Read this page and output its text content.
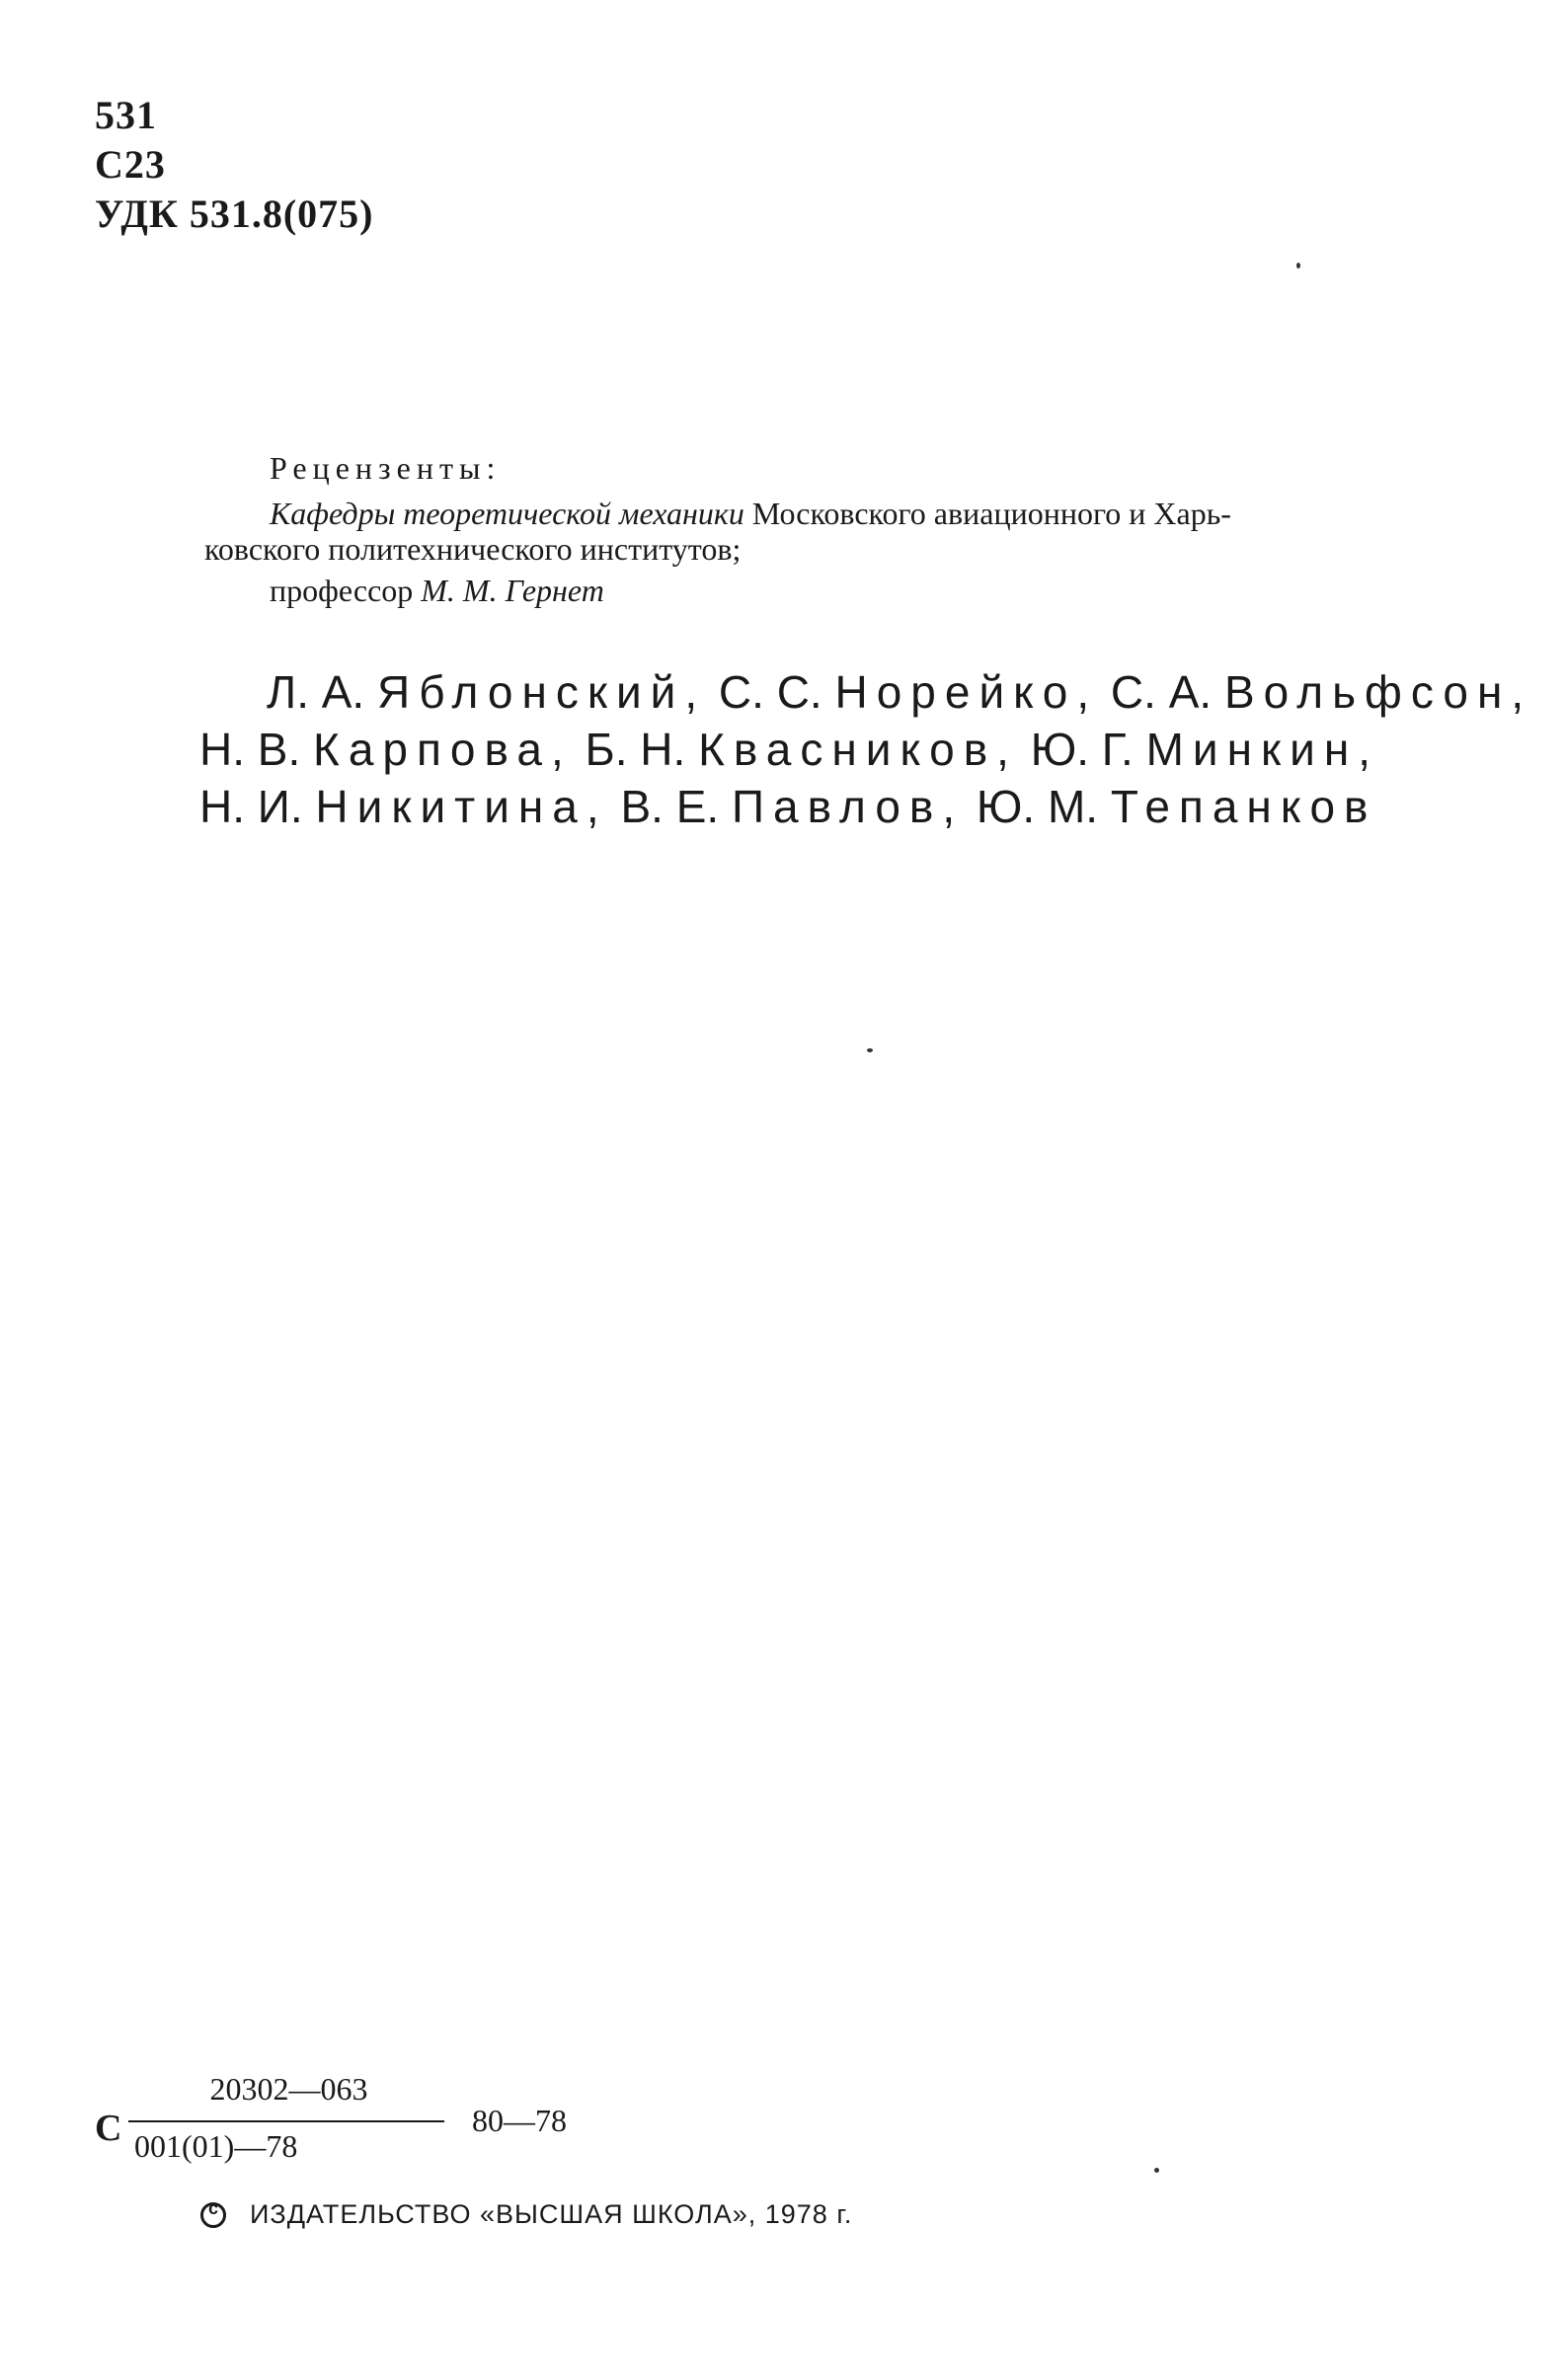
531
С23
УДК 531.8(075)
Рецензенты:
Кафедры теоретической механики Московского авиационного и Харь-
ковского политехнического институтов;
профессор М. М. Гернет
Л. А. Яблонский, С. С. Норейко, С. А. Вольфсон,
Н. В. Карпова, Б. Н. Квасников, Ю. Г. Минкин,
Н. И. Никитина, В. Е. Павлов, Ю. М. Тепанков
С
20302—063
001(01)—78
80—78
c
ИЗДАТЕЛЬСТВО «ВЫСШАЯ ШКОЛА», 1978 г.
